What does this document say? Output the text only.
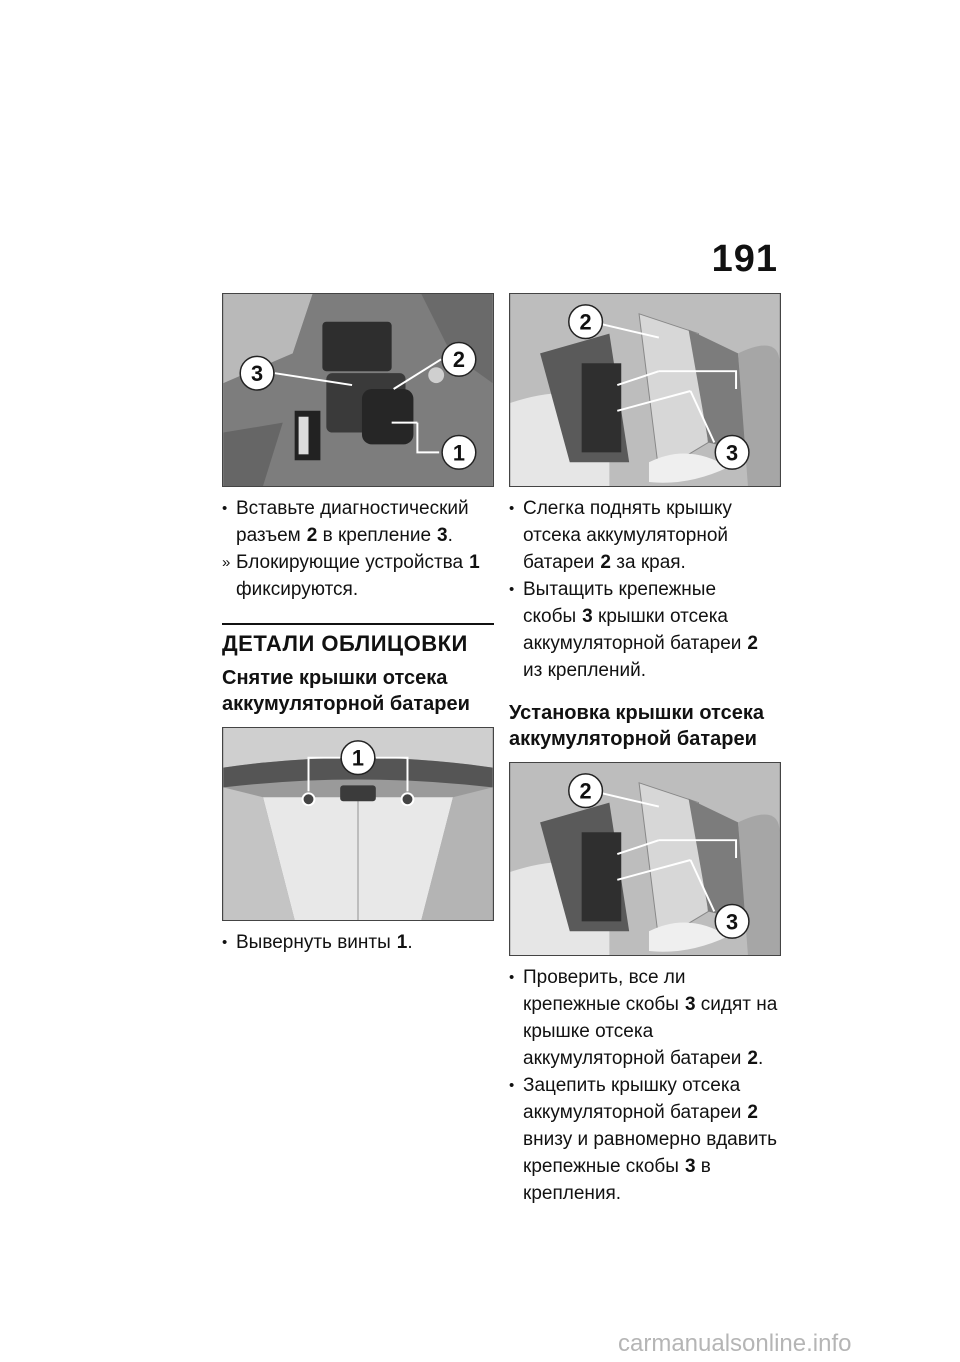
191
3
2
1
• Вставьте диагностический разъем 2 в крепление 3.
» Блокирующие устройства 1 фиксируются.
ДЕТАЛИ ОБЛИЦОВКИ
Снятие крышки отсека аккумуляторной батареи
1
• Вывернуть винты 1.
2
3
• Слегка поднять крышку отсека аккумуляторной батареи 2 за края.
• Вытащить крепежные скобы 3 крышки отсека аккумуляторной батареи 2 из креплений.
Установка крышки отсека аккумуляторной батареи
2
3
• Проверить, все ли крепежные скобы 3 сидят на крышке отсека аккумуляторной батареи 2.
• Зацепить крышку отсека аккумуляторной батареи 2 внизу и равномерно вдавить крепежные скобы 3 в крепления.
carmanualsonline.info
